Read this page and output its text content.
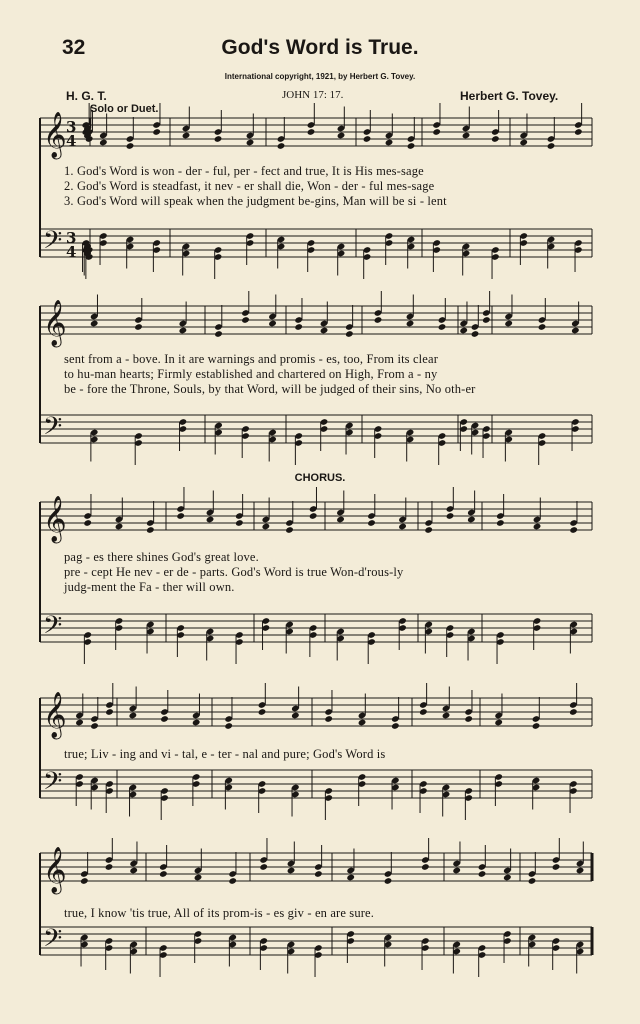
32	God's Word is True.
International copyright, 1921, by Herbert G. Tovey.
H. G. T.	JOHN 17: 17.	Herbert G. Tovey.
Solo or Duet.
CHORUS.
1. God's Word is won - der - ful, per - fect and true, It is His mes-sage
2. God's Word is steadfast, it nev - er shall die, Won - der - ful mes-sage
3. God's Word will speak when the judgment be-gins, Man will be si - lent
sent from a - bove. In it are warnings and promis - es, too, From its clear
to hu-man hearts; Firmly established and chartered on High, From a - ny
be - fore the Throne, Souls, by that Word, will be judged of their sins, No oth-er
pag - es there shines God's great love.
pre - cept He nev - er de - parts. God's Word is true Won-d'rous-ly
judg-ment the Fa - ther will own.
true; Liv - ing and vi - tal, e - ter - nal and pure; God's Word is
true, I know 'tis true, All of its prom-is - es giv - en are sure.
𝄞 3
4
𝄢 3
4
𝄞
𝄢
𝄞
𝄢
𝄞
𝄢
𝄞
𝄢
